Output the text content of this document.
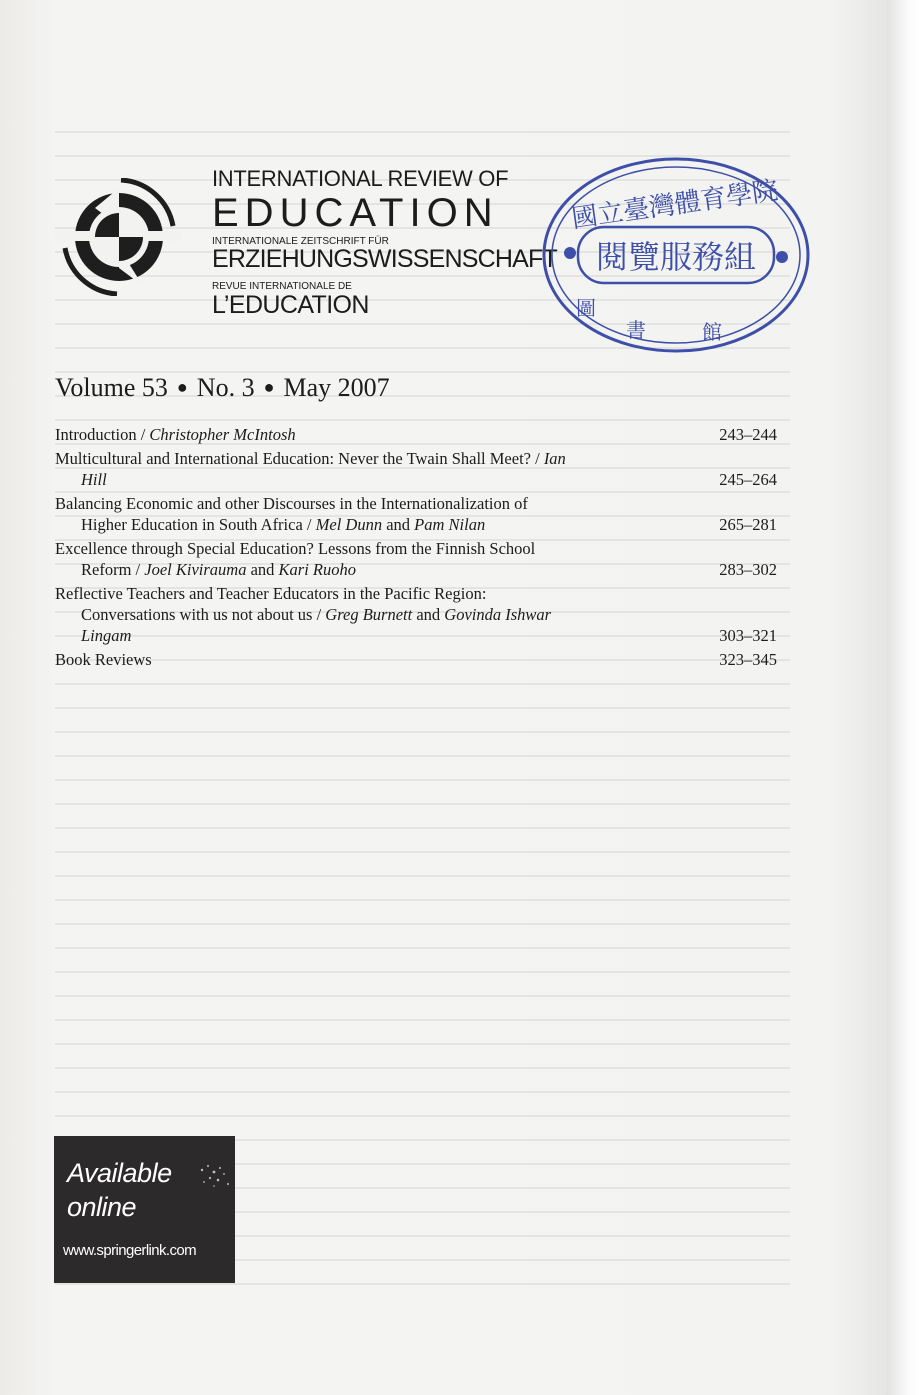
INTERNATIONAL REVIEW OF
EDUCATION
INTERNATIONALE ZEITSCHRIFT FÜR
ERZIEHUNGSWISSENSCHAFT
REVUE INTERNATIONALE DE
L’EDUCATION
國立臺灣體育學院
閱覽服務組
圖
書	館
Volume 53 ● No. 3 ● May 2007
Introduction / Christopher McIntosh	243–244
Multicultural and International Education: Never the Twain Shall Meet? / Ian
Hill	245–264
Balancing Economic and other Discourses in the Internationalization of
Higher Education in South Africa / Mel Dunn and Pam Nilan	265–281
Excellence through Special Education? Lessons from the Finnish School
Reform / Joel Kivirauma and Kari Ruoho	283–302
Reflective Teachers and Teacher Educators in the Pacific Region:
Conversations with us not about us / Greg Burnett and Govinda Ishwar
Lingam	303–321
Book Reviews	323–345
Available
online
www.springerlink.com
